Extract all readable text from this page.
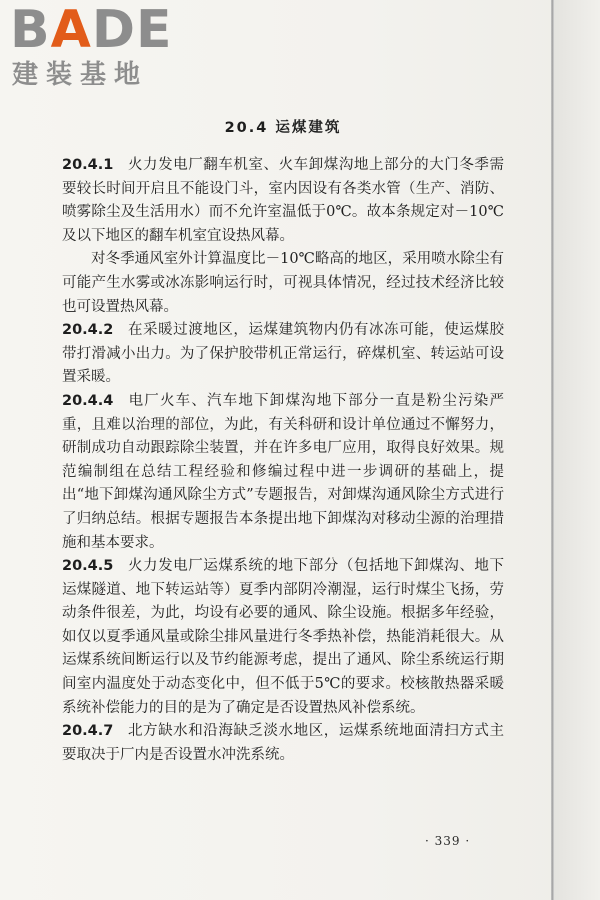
BADE
建装基地
20.4 运煤建筑

20.4.1 火力发电厂翻车机室、火车卸煤沟地上部分的大门冬季需要较长时间开启且不能设门斗，室内因设有各类水管（生产、消防、喷雾除尘及生活用水）而不允许室温低于0℃。故本条规定对－10℃及以下地区的翻车机室宜设热风幕。

对冬季通风室外计算温度比－10℃略高的地区，采用喷水除尘有可能产生水雾或冰冻影响运行时，可视具体情况，经过技术经济比较也可设置热风幕。

20.4.2 在采暖过渡地区，运煤建筑物内仍有冰冻可能，使运煤胶带打滑减小出力。为了保护胶带机正常运行，碎煤机室、转运站可设置采暖。

20.4.4 电厂火车、汽车地下卸煤沟地下部分一直是粉尘污染严重，且难以治理的部位，为此，有关科研和设计单位通过不懈努力，研制成功自动跟踪除尘装置，并在许多电厂应用，取得良好效果。规范编制组在总结工程经验和修编过程中进一步调研的基础上，提出“地下卸煤沟通风除尘方式”专题报告，对卸煤沟通风除尘方式进行了归纳总结。根据专题报告本条提出地下卸煤沟对移动尘源的治理措施和基本要求。

20.4.5 火力发电厂运煤系统的地下部分（包括地下卸煤沟、地下运煤隧道、地下转运站等）夏季内部阴冷潮湿，运行时煤尘飞扬，劳动条件很差，为此，均设有必要的通风、除尘设施。根据多年经验，如仅以夏季通风量或除尘排风量进行冬季热补偿，热能消耗很大。从运煤系统间断运行以及节约能源考虑，提出了通风、除尘系统运行期间室内温度处于动态变化中，但不低于5℃的要求。校核散热器采暖系统补偿能力的目的是为了确定是否设置热风补偿系统。

20.4.7 北方缺水和沿海缺乏淡水地区，运煤系统地面清扫方式主要取决于厂内是否设置水冲洗系统。

· 339 ·
